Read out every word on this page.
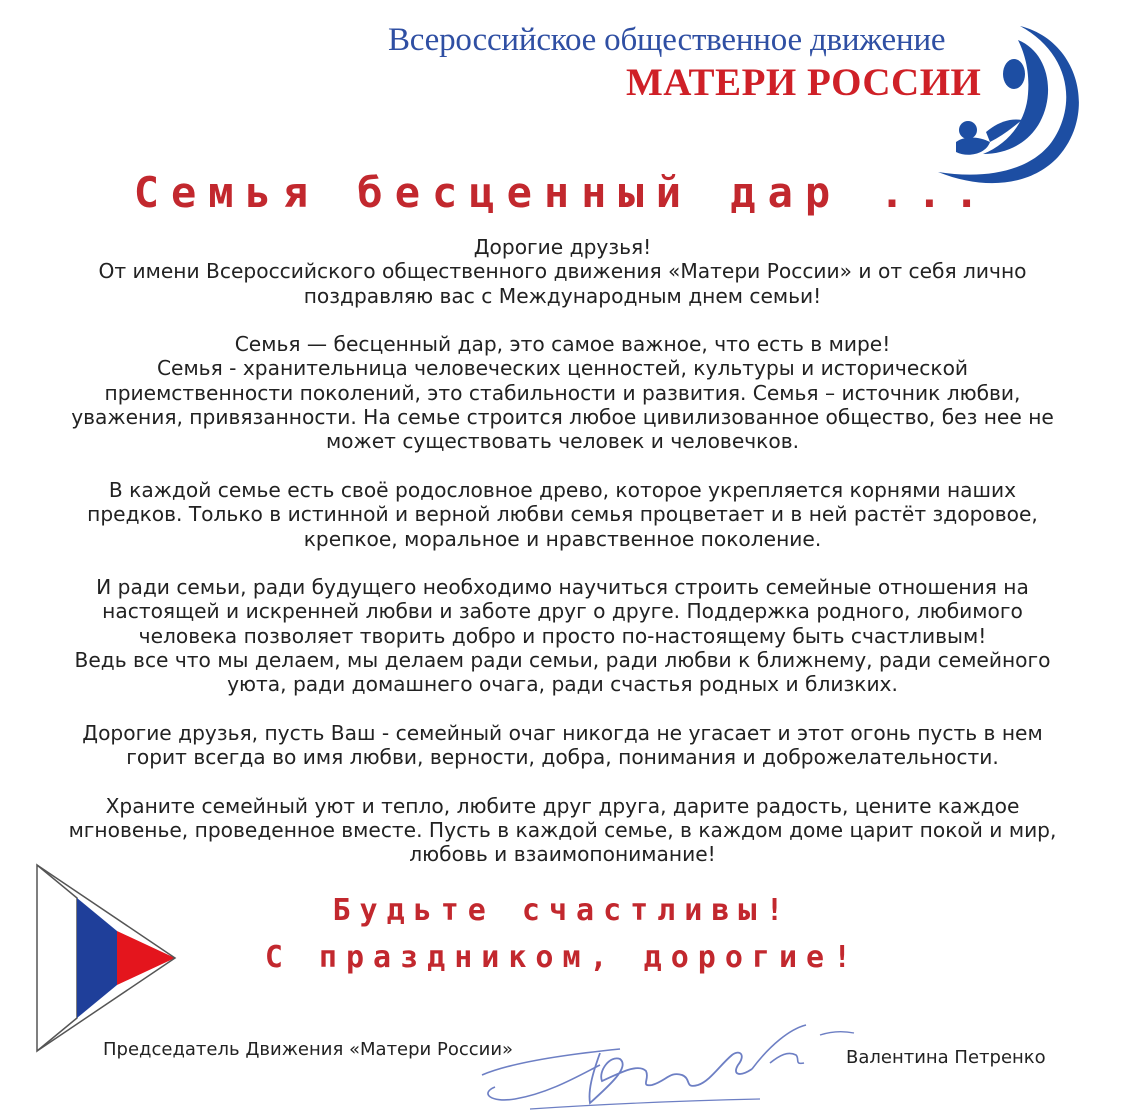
Всероссийское общественное движение
МАТЕРИ РОССИИ
Семья бесценный дар ...
Дорогие друзья!
От имени Всероссийского общественного движения «Матери России» и от себя лично
поздравляю вас с Международным днем семьи!
Семья — бесценный дар, это самое важное, что есть в мире!
Семья - хранительница человеческих ценностей, культуры и исторической
приемственности поколений, это стабильности и развития. Семья – источник любви,
уважения, привязанности. На семье строится любое цивилизованное общество, без нее не
может существовать человек и человечков.
В каждой семье есть своё родословное древо, которое укрепляется корнями наших
предков. Только в истинной и верной любви семья процветает и в ней растёт здоровое,
крепкое, моральное и нравственное поколение.
И ради семьи, ради будущего необходимо научиться строить семейные отношения на
настоящей и искренней любви и заботе друг о друге. Поддержка родного, любимого
человека позволяет творить добро и просто по-настоящему быть счастливым!
Ведь все что мы делаем, мы делаем ради семьи, ради любви к ближнему, ради семейного
уюта, ради домашнего очага, ради счастья родных и близких.
Дорогие друзья, пусть Ваш - семейный очаг никогда не угасает и этот огонь пусть в нем
горит всегда во имя любви, верности, добра, понимания и доброжелательности.
Храните семейный уют и тепло, любите друг друга, дарите радость, цените каждое
мгновенье, проведенное вместе. Пусть в каждой семье, в каждом доме царит покой и мир,
любовь и взаимопонимание!
Будьте счастливы!
С праздником, дорогие!
Председатель Движения «Матери России»	Валентина Петренко
